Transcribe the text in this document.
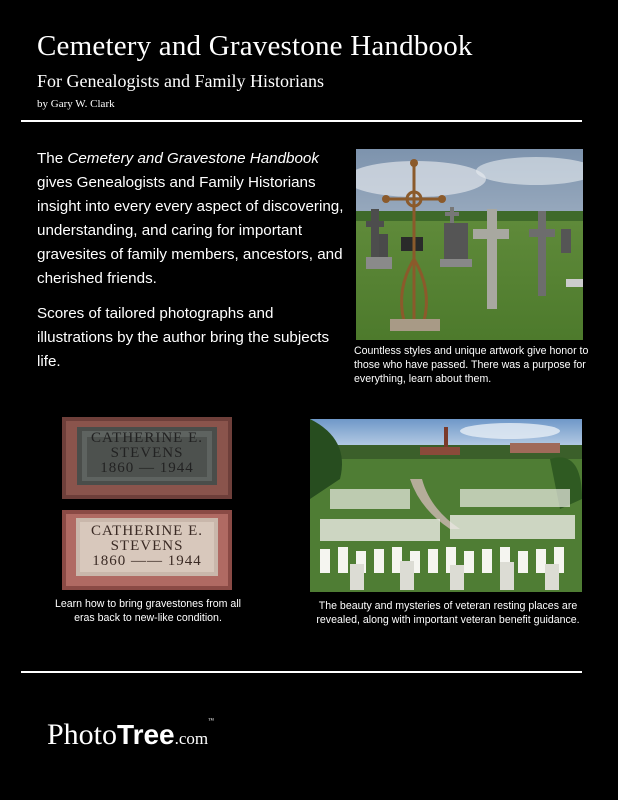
Cemetery and Gravestone Handbook
For Genealogists and Family Historians
by Gary W. Clark

The Cemetery and Gravestone Handbook gives Genealogists and Family Historians insight into every every aspect of discovering, understanding, and caring for important gravesites of family members, ancestors, and cherished friends.

Scores of tailored photographs and illustrations by the author bring the subjects life.

Countless styles and unique artwork give honor to those who have passed. There was a purpose for everything, learn about them.
CATHERINE E.
STEVENS
1860 — 1944
CATHERINE E.
STEVENS
1860 —— 1944
Learn how to bring gravestones from all eras back to new-like condition.
The beauty and mysteries of veteran resting places are revealed, along with important veteran benefit guidance.
PhotoTree.com™
